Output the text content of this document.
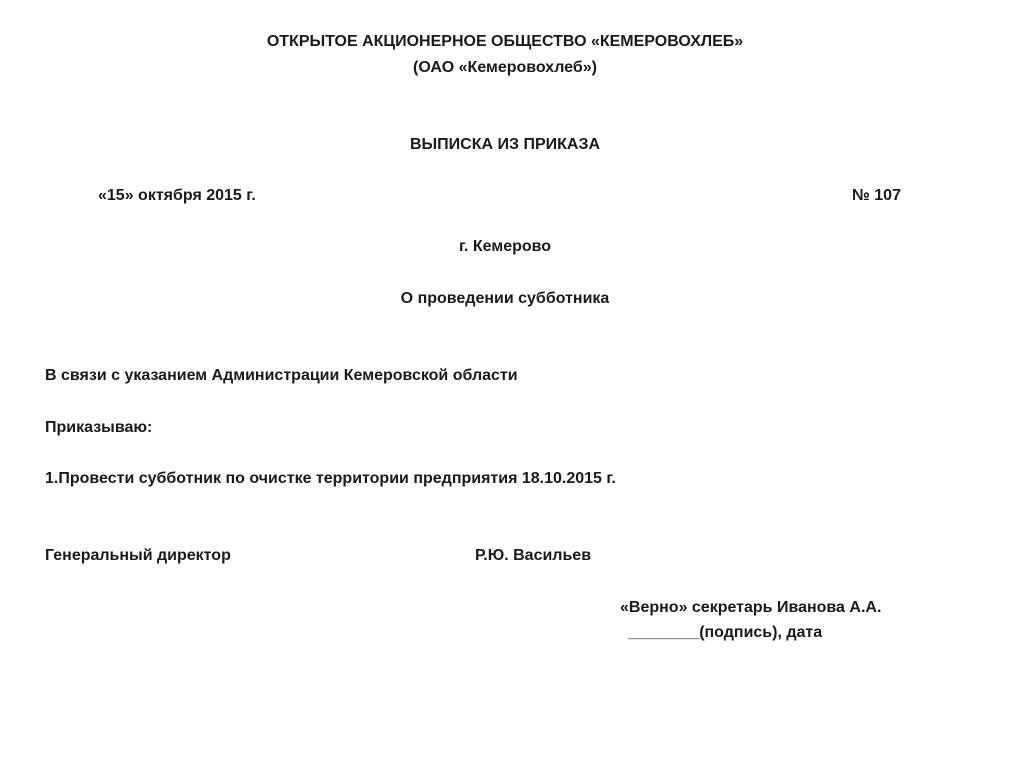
ОТКРЫТОЕ АКЦИОНЕРНОЕ ОБЩЕСТВО «КЕМЕРОВОХЛЕБ»
(ОАО «Кемеровохлеб»)
ВЫПИСКА ИЗ ПРИКАЗА
«15» октября 2015 г.	№ 107
г. Кемерово
О проведении субботника
В связи с указанием Администрации Кемеровской области
Приказываю:
1.Провести субботник по очистке территории предприятия 18.10.2015 г.
Генеральный директор	Р.Ю. Васильев
«Верно» секретарь Иванова А.А.
________(подпись), дата
